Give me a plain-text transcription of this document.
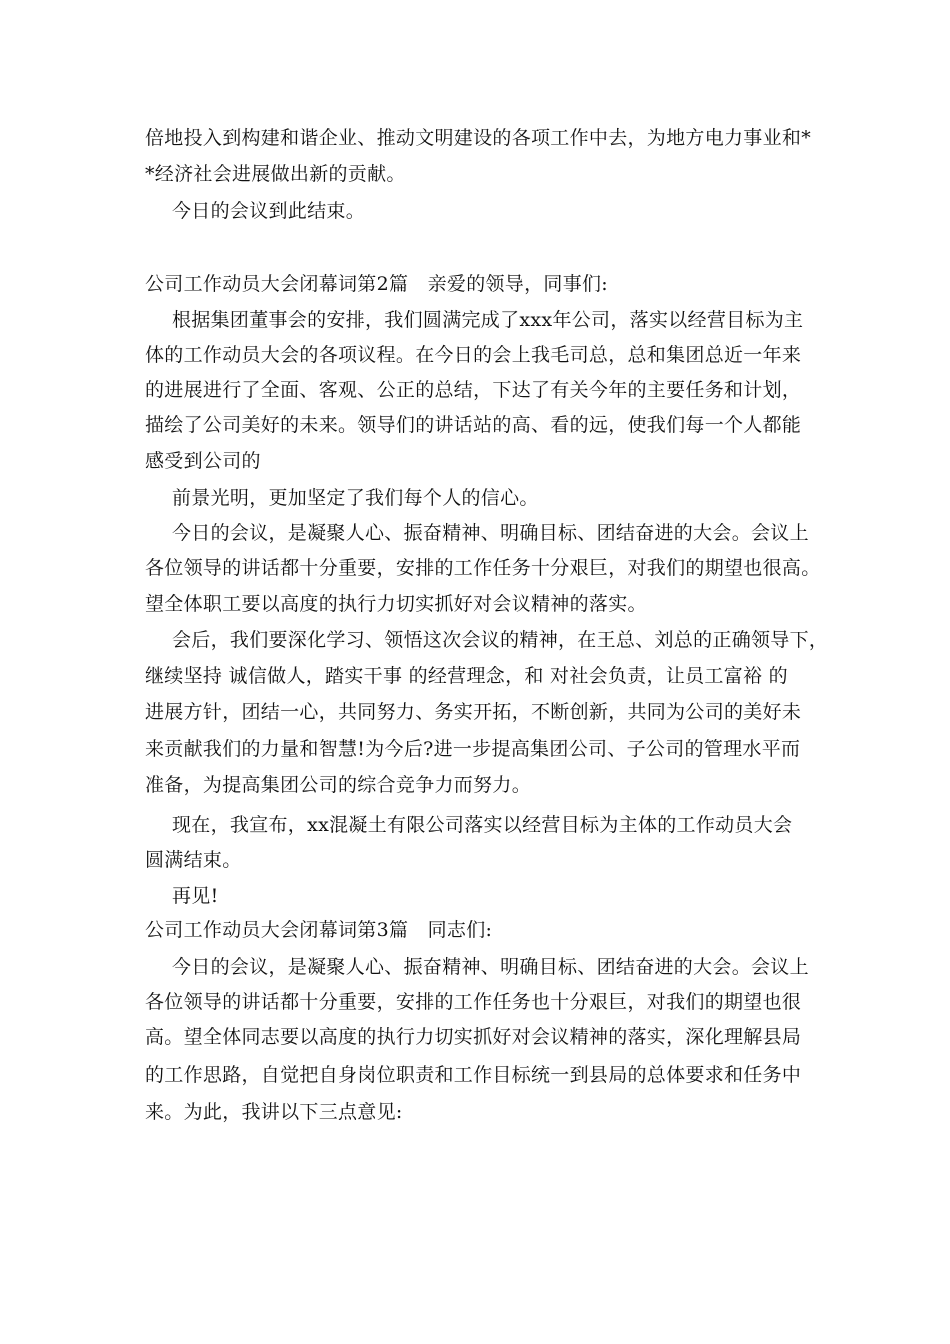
倍地投入到构建和谐企业、推动文明建设的各项工作中去，为地方电力事业和*
*经济社会进展做出新的贡献。
今日的会议到此结束。
公司工作动员大会闭幕词第2篇　亲爱的领导，同事们:
根据集团董事会的安排，我们圆满完成了xxx年公司，落实以经营目标为主
体的工作动员大会的各项议程。在今日的会上我毛司总，总和集团总近一年来
的进展进行了全面、客观、公正的总结，下达了有关今年的主要任务和计划，
描绘了公司美好的未来。领导们的讲话站的高、看的远，使我们每一个人都能
感受到公司的
前景光明，更加坚定了我们每个人的信心。
今日的会议，是凝聚人心、振奋精神、明确目标、团结奋进的大会。会议上
各位领导的讲话都十分重要，安排的工作任务十分艰巨，对我们的期望也很高。
望全体职工要以高度的执行力切实抓好对会议精神的落实。
会后，我们要深化学习、领悟这次会议的精神，在王总、刘总的正确领导下，
继续坚持 诚信做人，踏实干事 的经营理念，和 对社会负责，让员工富裕 的
进展方针，团结一心，共同努力、务实开拓，不断创新，共同为公司的美好未
来贡献我们的力量和智慧!为今后?进一步提高集团公司、子公司的管理水平而
准备，为提高集团公司的综合竞争力而努力。
现在，我宣布，xx混凝土有限公司落实以经营目标为主体的工作动员大会
圆满结束。
再见!
公司工作动员大会闭幕词第3篇　同志们:
今日的会议，是凝聚人心、振奋精神、明确目标、团结奋进的大会。会议上
各位领导的讲话都十分重要，安排的工作任务也十分艰巨，对我们的期望也很
高。望全体同志要以高度的执行力切实抓好对会议精神的落实，深化理解县局
的工作思路，自觉把自身岗位职责和工作目标统一到县局的总体要求和任务中
来。为此，我讲以下三点意见:
